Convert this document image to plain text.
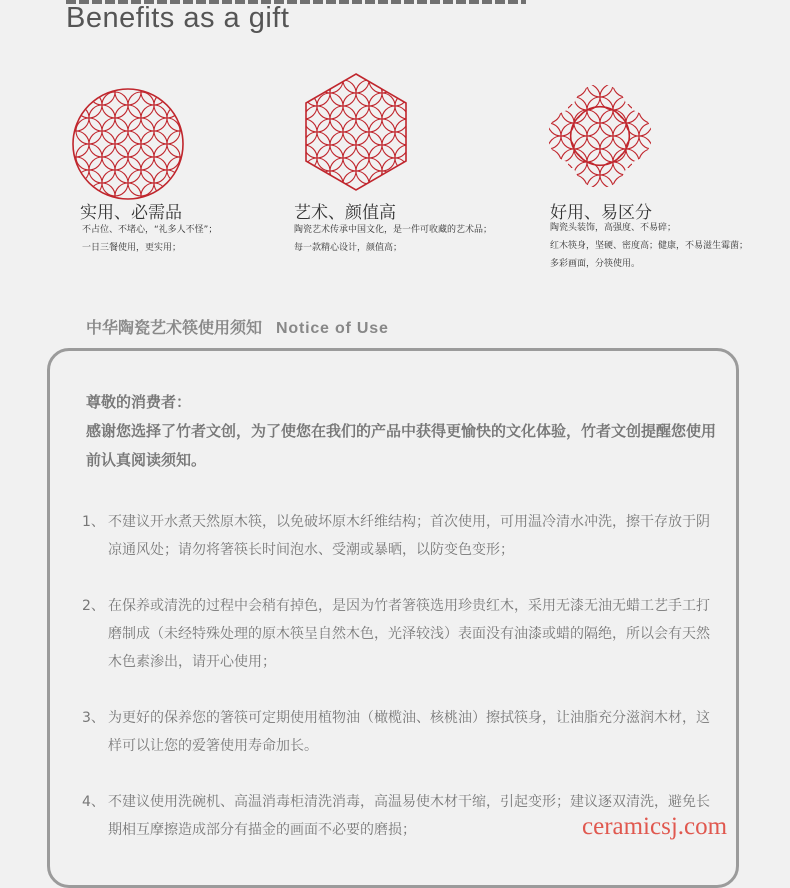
Benefits as a gift
实用、必需品
不占位、不堵心，“礼多人不怪”；
一日三餐使用，更实用；
艺术、颜值高
陶瓷艺术传承中国文化，是一件可收藏的艺术品；
每一款精心设计，颜值高；
好用、易区分
陶瓷头装饰，高强度、不易碎；
红木筷身，坚硬、密度高；健康，不易滋生霉菌；
多彩画面，分筷使用。
中华陶瓷艺术筷使用须知 Notice of Use
尊敬的消费者：
感谢您选择了竹者文创，为了使您在我们的产品中获得更愉快的文化体验，竹者文创提醒您使用前认真阅读须知。
1、 不建议开水煮天然原木筷，以免破坏原木纤维结构；首次使用，可用温冷清水冲洗，擦干存放于阴凉通风处；请勿将箸筷长时间泡水、受潮或暴晒，以防变色变形；
2、 在保养或清洗的过程中会稍有掉色，是因为竹者箸筷选用珍贵红木，采用无漆无油无蜡工艺手工打磨制成（未经特殊处理的原木筷呈自然木色，光泽较浅）表面没有油漆或蜡的隔绝，所以会有天然木色素渗出，请开心使用；
3、 为更好的保养您的箸筷可定期使用植物油（橄榄油、核桃油）擦拭筷身，让油脂充分滋润木材，这样可以让您的爱箸使用寿命加长。
4、 不建议使用洗碗机、高温消毒柜清洗消毒，高温易使木材干缩，引起变形；建议逐双清洗，避免长期相互摩擦造成部分有描金的画面不必要的磨损；	ceramicsj.com
